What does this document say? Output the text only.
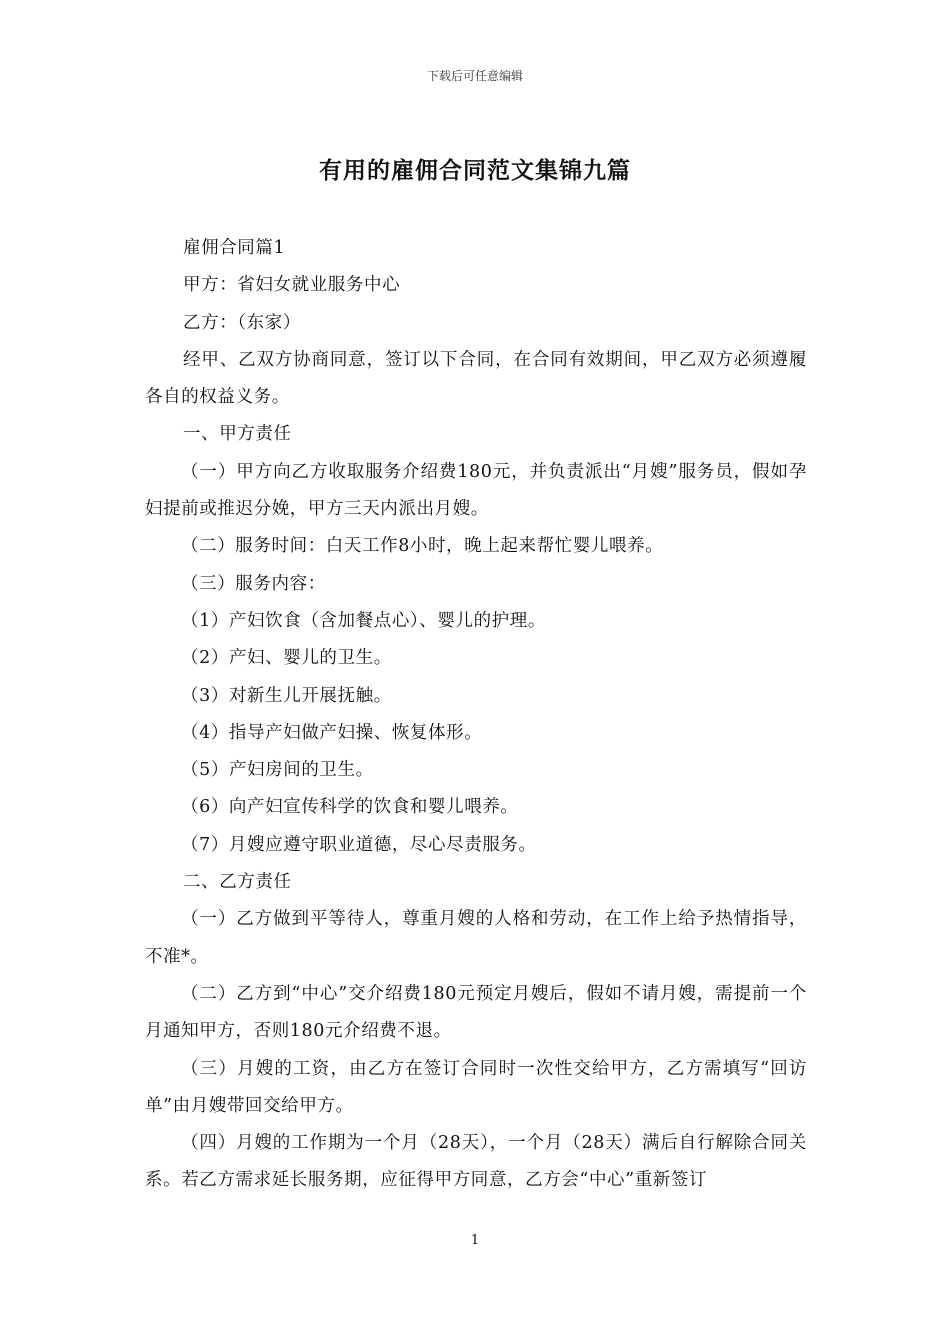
下载后可任意编辑
有用的雇佣合同范文集锦九篇

雇佣合同篇1

甲方：省妇女就业服务中心

乙方：（东家）

经甲、乙双方协商同意，签订以下合同，在合同有效期间，甲乙双方必须遵履各自的权益义务。

一、甲方责任

（一）甲方向乙方收取服务介绍费180元，并负责派出“月嫂”服务员，假如孕妇提前或推迟分娩，甲方三天内派出月嫂。

（二）服务时间：白天工作8小时，晚上起来帮忙婴儿喂养。

（三）服务内容：

（1）产妇饮食（含加餐点心）、婴儿的护理。

（2）产妇、婴儿的卫生。

（3）对新生儿开展抚触。

（4）指导产妇做产妇操、恢复体形。

（5）产妇房间的卫生。

（6）向产妇宣传科学的饮食和婴儿喂养。

（7）月嫂应遵守职业道德，尽心尽责服务。

二、乙方责任

（一）乙方做到平等待人，尊重月嫂的人格和劳动，在工作上给予热情指导，不准*。

（二）乙方到“中心”交介绍费180元预定月嫂后，假如不请月嫂，需提前一个月通知甲方，否则180元介绍费不退。

（三）月嫂的工资，由乙方在签订合同时一次性交给甲方，乙方需填写“回访单”由月嫂带回交给甲方。

（四）月嫂的工作期为一个月（28天），一个月（28天）满后自行解除合同关系。若乙方需求延长服务期，应征得甲方同意，乙方会“中心”重新签订

1
